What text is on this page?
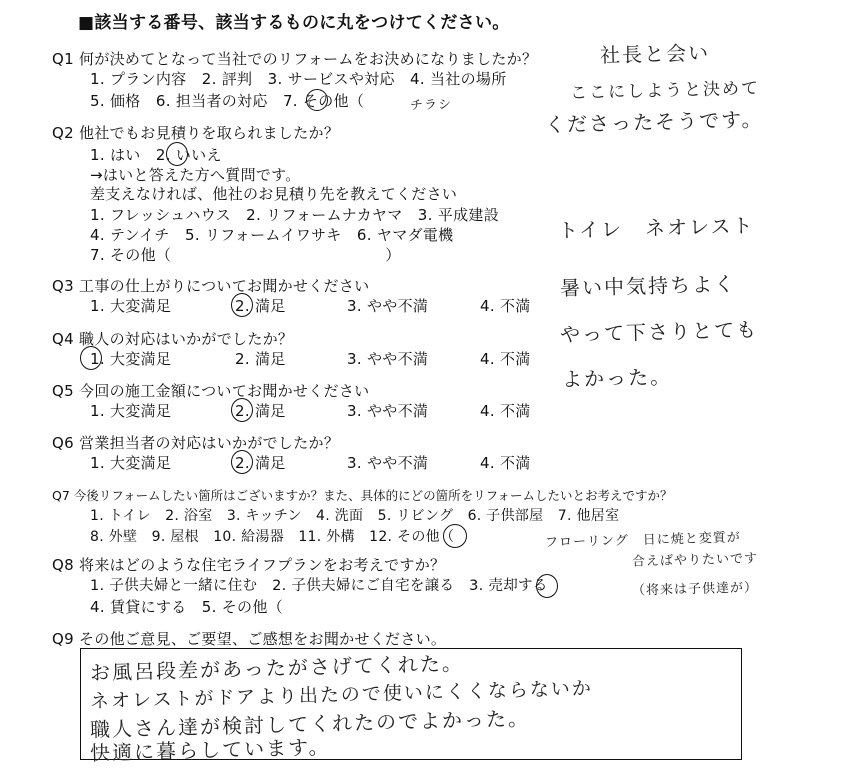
■該当する番号、該当するものに丸をつけてください。
Q1 何が決めてとなって当社でのリフォームをお決めになりましたか？
1. プラン内容　2. 評判　3. サービスや対応　4. 当社の場所
5. 価格　6. 担当者の対応　7. その他（	チラシ
社長と会い
ここにしようと決めて
くださったそうです。
Q2 他社でもお見積りを取られましたか？
1. はい　2. いいえ
→はいと答えた方へ質問です。
差支えなければ、他社のお見積り先を教えてください
1. フレッシュハウス　2. リフォームナカヤマ　3. 平成建設
4. テンイチ　5. リフォームイワサキ　6. ヤマダ電機
7. その他（　　　　　　　　　　　　　　）
トイレ　ネオレスト
Q3 工事の仕上がりについてお聞かせください
1. 大変満足	2. 満足	3. やや不満	4. 不満
Q4 職人の対応はいかがでしたか？
1. 大変満足	2. 満足	3. やや不満	4. 不満
暑い中気持ちよく
やって下さりとても
よかった。
Q5 今回の施工金額についてお聞かせください
1. 大変満足	2. 満足	3. やや不満	4. 不満
Q6 営業担当者の対応はいかがでしたか？
1. 大変満足	2. 満足	3. やや不満	4. 不満
Q7 今後リフォームしたい箇所はございますか？また、具体的にどの箇所をリフォームしたいとお考えですか？
1. トイレ　2. 浴室　3. キッチン　4. 洗面　5. リビング　6. 子供部屋　7. 他居室
8. 外壁　9. 屋根　10. 給湯器　11. 外構　12. その他（	フローリング　日に焼と変質が
合えばやりたいです
Q8 将来はどのような住宅ライフプランをお考えですか？
1. 子供夫婦と一緒に住む　2. 子供夫婦にご自宅を譲る　3. 売却する
4. 賃貸にする　5. その他（
（将来は子供達が）
Q9 その他ご意見、ご要望、ご感想をお聞かせください。
お風呂段差があったがさげてくれた。
ネオレストがドアより出たので使いにくくならないか
職人さん達が検討してくれたのでよかった。
快適に暮らしています。
